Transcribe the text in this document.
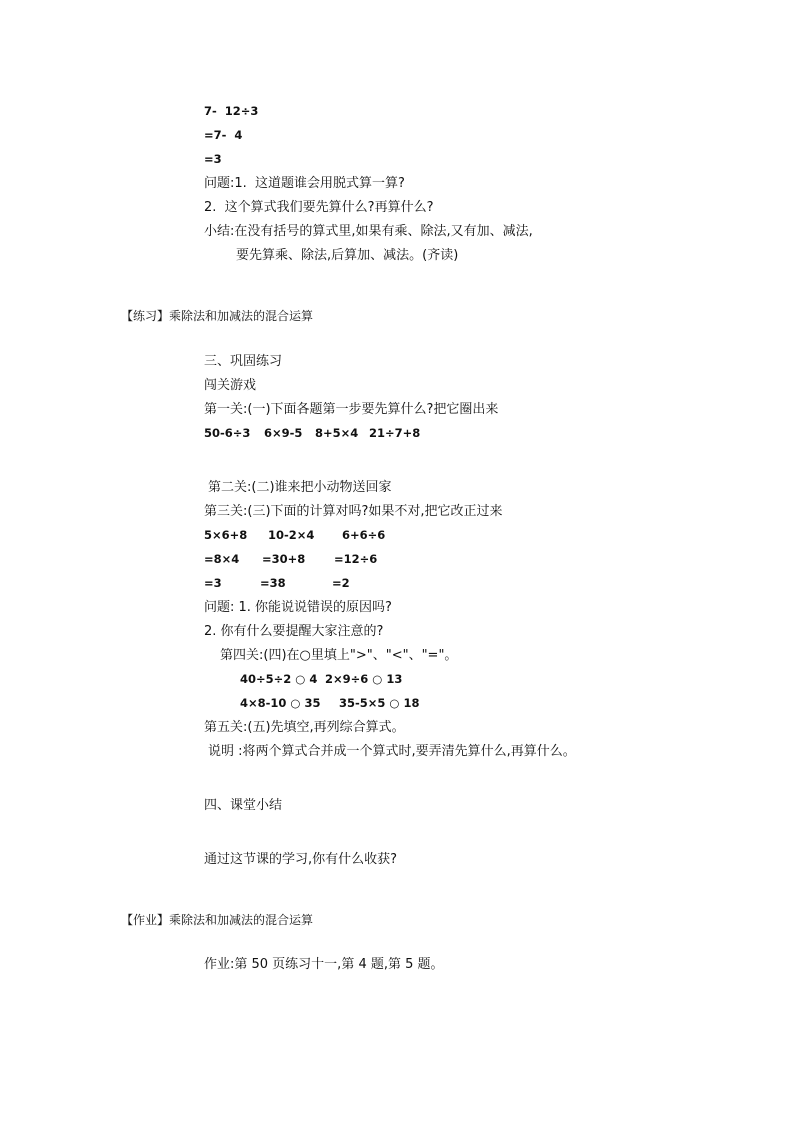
7-  12÷3
=7-  4
=3
问题:1.  这道题谁会用脱式算一算?
2.  这个算式我们要先算什么?再算什么?
小结:在没有括号的算式里,如果有乘、除法,又有加、减法,
要先算乘、除法,后算加、减法。(齐读)
【练习】乘除法和加减法的混合运算
三、巩固练习
闯关游戏
第一关:(一)下面各题第一步要先算什么?把它圈出来
50-6÷3 6×9-5 8+5×4 21÷7+8
第二关:(二)谁来把小动物送回家
第三关:(三)下面的计算对吗?如果不对,把它改正过来
5×6+8
=8×4
=3
10-2×4
=30+8
=38
6+6÷6
=12÷6
=2
问题: 1. 你能说说错误的原因吗?
2. 你有什么要提醒大家注意的?
第四关:(四)在○里填上">"、"<"、"="。
40÷5÷2 ○ 4 2×9÷6 ○ 13
4×8-10 ○ 35 35-5×5 ○ 18
第五关:(五)先填空,再列综合算式。
说明 :将两个算式合并成一个算式时,要弄清先算什么,再算什么。
四、课堂小结
通过这节课的学习,你有什么收获?
【作业】乘除法和加减法的混合运算
作业:第 50 页练习十一,第 4 题,第 5 题。
